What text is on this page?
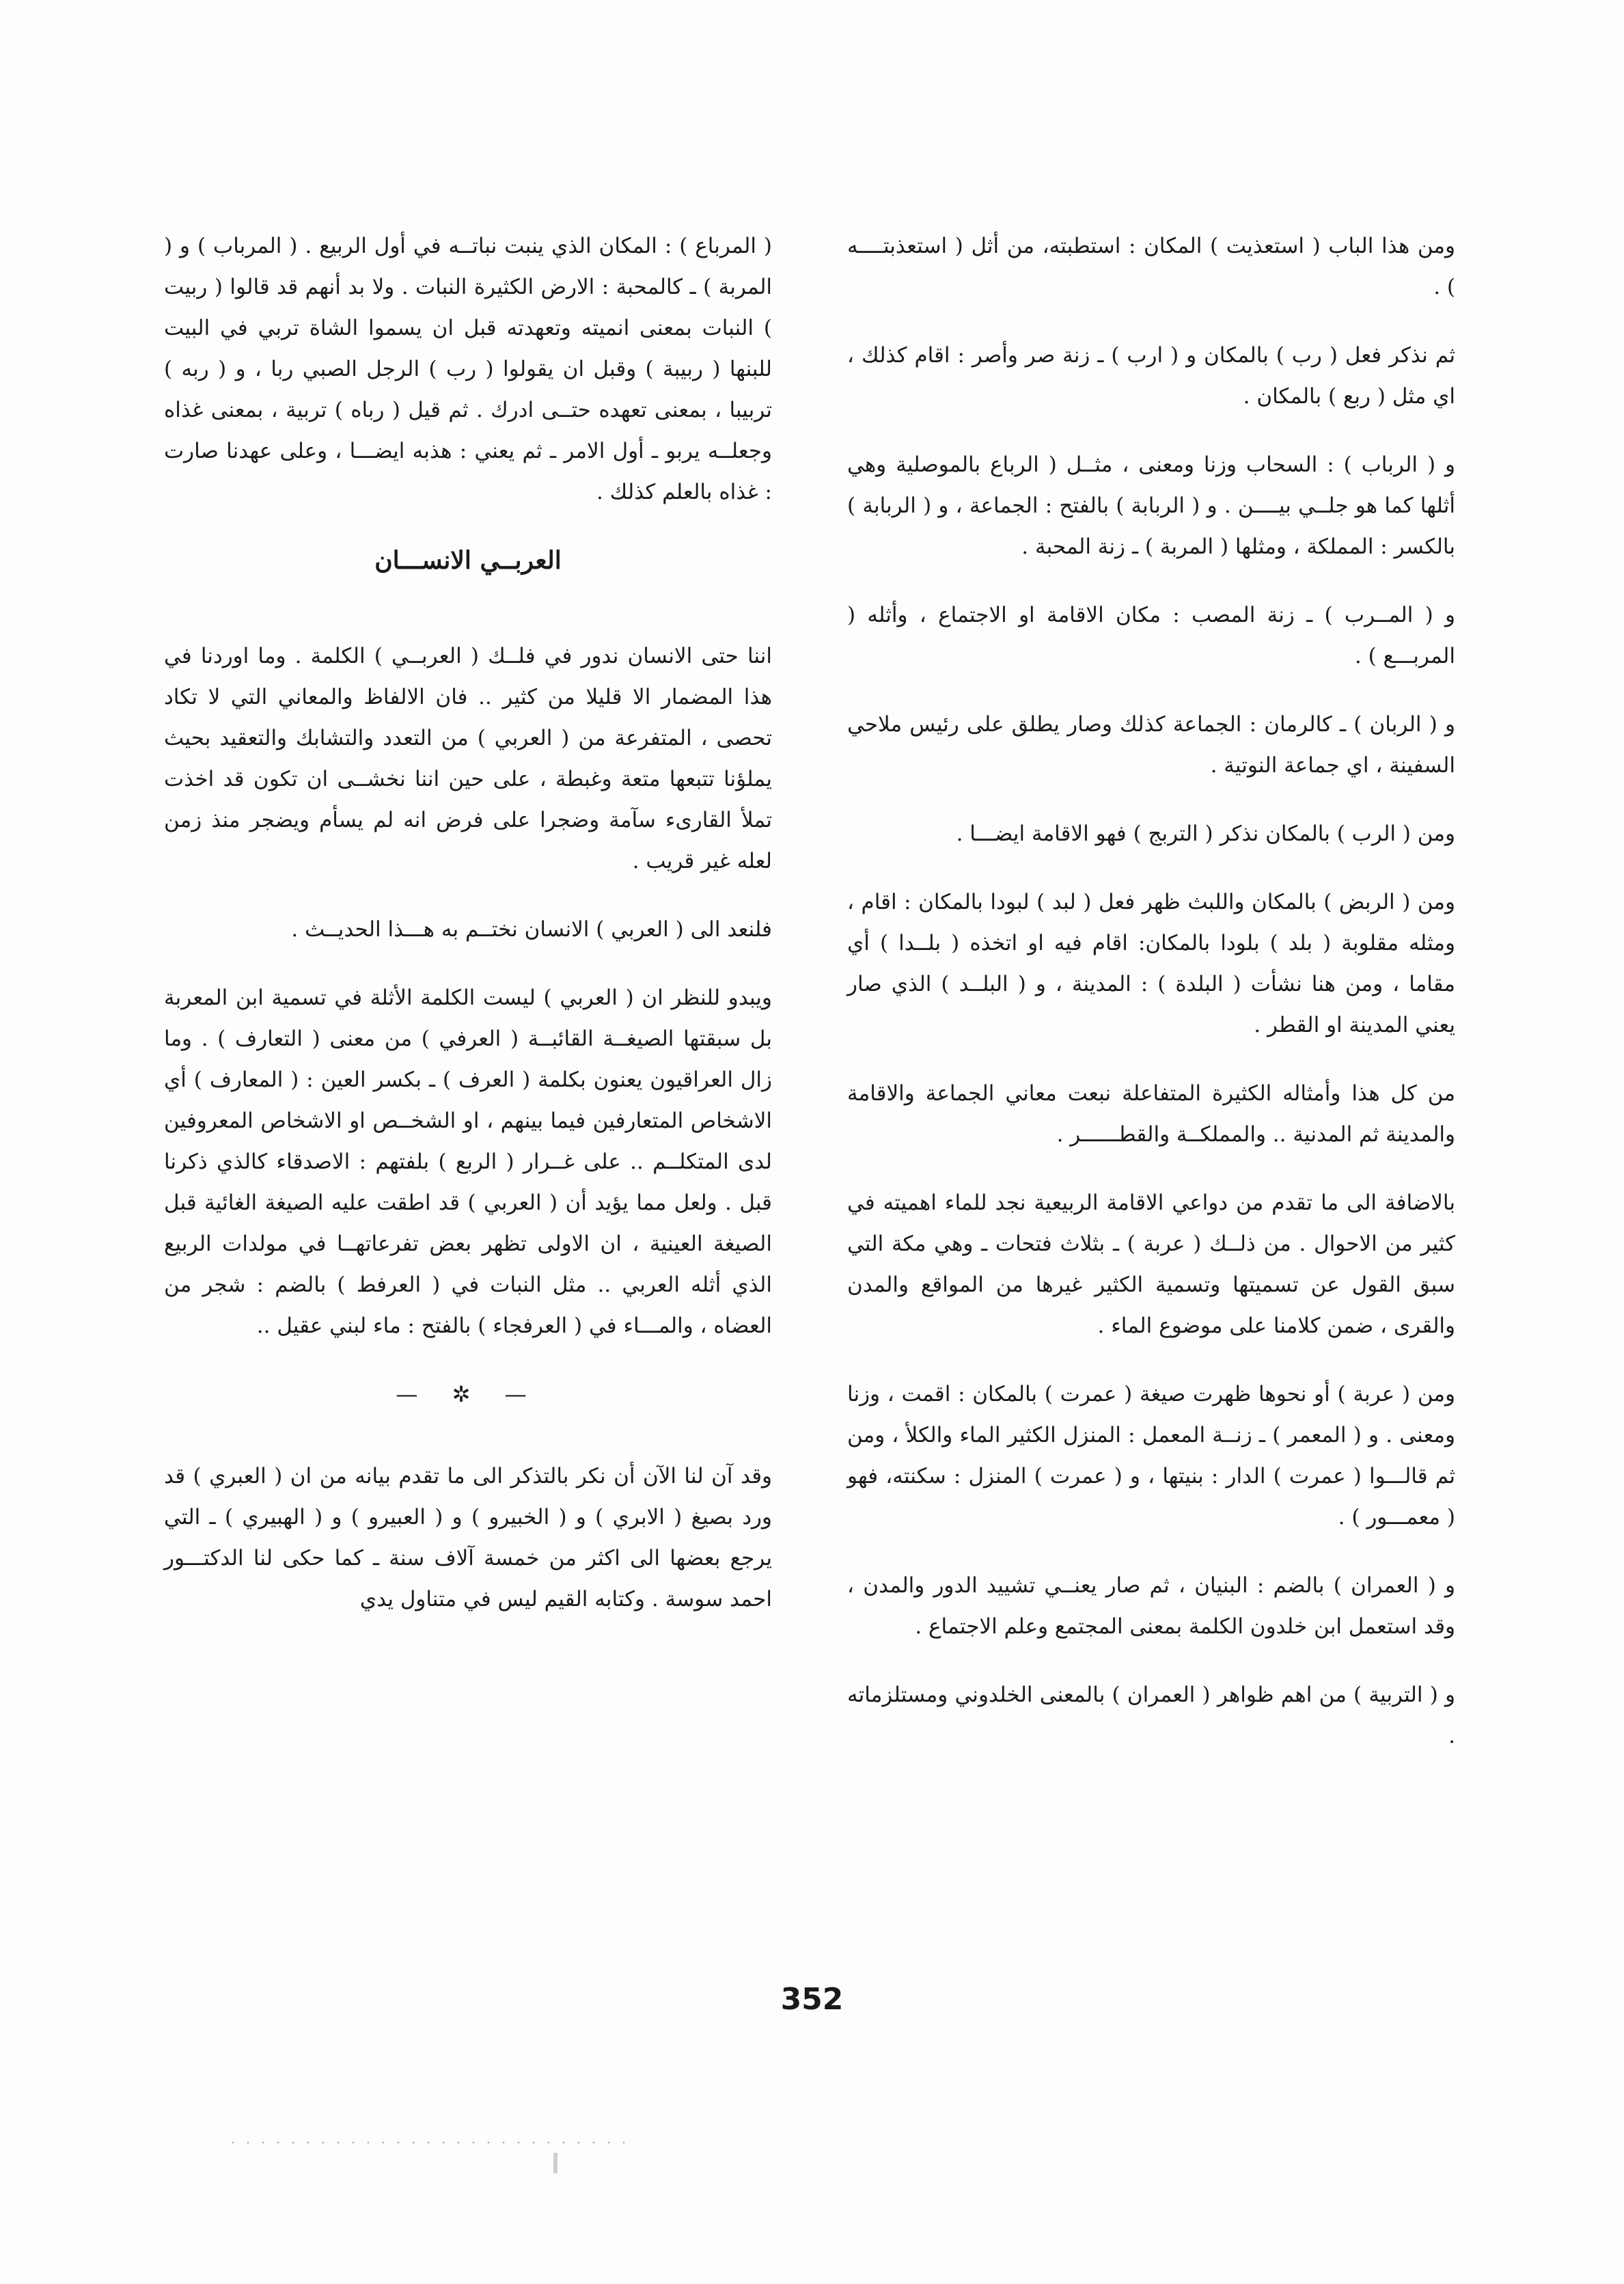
ومن هذا الباب ( استعذيت ) المكان : استطبته، من أثل ( استعذبتــــه ) .

ثم نذكر فعل ( رب ) بالمكان و ( ارب ) ـ زنة صر وأصر : اقام كذلك ، اي مثل ( ربع ) بالمكان .

و ( الرباب ) : السحاب وزنا ومعنى ، مثــل ( الرباع بالموصلية وهي أثلها كما هو جلــي بيــــن . و ( الربابة ) بالفتح : الجماعة ، و ( الربابة ) بالكسر : المملكة ، ومثلها ( المربة ) ـ زنة المحبة .

و ( المــرب ) ـ زنة المصب : مكان الاقامة او الاجتماع ، وأثله ( المربـــع ) .

و ( الربان ) ـ كالرمان : الجماعة كذلك وصار يطلق على رئيس ملاحي السفينة ، اي جماعة النوتية .

ومن ( الرب ) بالمكان نذكر ( التربج ) فهو الاقامة ايضـــا .

ومن ( الربض ) بالمكان واللبث ظهر فعل ( لبد ) لبودا بالمكان : اقام ، ومثله مقلوبة ( بلد ) بلودا بالمكان: اقام فيه او اتخذه ( بلــدا ) أي مقاما ، ومن هنا نشأت ( البلدة ) : المدينة ، و ( البلــد ) الذي صار يعني المدينة او القطر .

من كل هذا وأمثاله الكثيرة المتفاعلة نبعت معاني الجماعة والاقامة والمدينة ثم المدنية .. والمملكــة والقطــــــر .

بالاضافة الى ما تقدم من دواعي الاقامة الربيعية نجد للماء اهميته في كثير من الاحوال . من ذلــك ( عربة ) ـ بثلاث فتحات ـ وهي مكة التي سبق القول عن تسميتها وتسمية الكثير غيرها من المواقع والمدن والقرى ، ضمن كلامنا على موضوع الماء .

ومن ( عربة ) أو نحوها ظهرت صيغة ( عمرت ) بالمكان : اقمت ، وزنا ومعنى . و ( المعمر ) ـ زنــة المعمل : المنزل الكثير الماء والكلأ ، ومن ثم قالـــوا ( عمرت ) الدار : بنيتها ، و ( عمرت ) المنزل : سكنته، فهو ( معمـــور ) .

و ( العمران ) بالضم : البنيان ، ثم صار يعنــي تشييد الدور والمدن ، وقد استعمل ابن خلدون الكلمة بمعنى المجتمع وعلم الاجتماع .

و ( التربية ) من اهم ظواهر ( العمران ) بالمعنى الخلدوني ومستلزماته .

( المرباع ) : المكان الذي ينبت نباتــه في أول الربيع . ( المرباب ) و ( المربة ) ـ كالمحبة : الارض الكثيرة النبات . ولا بد أنهم قد قالوا ( ربيت ) النبات بمعنى انميته وتعهدته قبل ان يسموا الشاة تربي في البيت للبنها ( ربيبة ) وقبل ان يقولوا ( رب ) الرجل الصبي ربا ، و ( ربه ) تربيبا ، بمعنى تعهده حتــى ادرك . ثم قيل ( رباه ) تربية ، بمعنى غذاه وجعلــه يربو ـ أول الامر ـ ثم يعني : هذبه ايضـــا ، وعلى عهدنا صارت : غذاه بالعلم كذلك .

العربــي الانســـان

اننا حتى الانسان ندور في فلــك ( العربــي ) الكلمة . وما اوردنا في هذا المضمار الا قليلا من كثير .. فان الالفاظ والمعاني التي لا تكاد تحصى ، المتفرعة من ( العربي ) من التعدد والتشابك والتعقيد بحيث يملؤنا تتبعها متعة وغبطة ، على حين اننا نخشــى ان تكون قد اخذت تملأ القارىء سآمة وضجرا على فرض انه لم يسأم ويضجر منذ زمن لعله غير قريب .

فلنعد الى ( العربي ) الانسان نختــم به هـــذا الحديــث .

ويبدو للنظر ان ( العربي ) ليست الكلمة الأثلة في تسمية ابن المعربة بل سبقتها الصيغــة القائبــة ( العرفي ) من معنى ( التعارف ) . وما زال العراقيون يعنون بكلمة ( العرف ) ـ بكسر العين : ( المعارف ) أي الاشخاص المتعارفين فيما بينهم ، او الشخــص او الاشخاص المعروفين لدى المتكلــم .. على غــرار ( الربع ) بلفتهم : الاصدقاء كالذي ذكرنا قبل . ولعل مما يؤيد أن ( العربي ) قد اطقت عليه الصيغة الغائية قبل الصيغة العينية ، ان الاولى تظهر بعض تفرعاتهــا في مولدات الربيع الذي أثله العربي .. مثل النبات في ( العرفط ) بالضم : شجر من العضاه ، والمـــاء في ( العرفجاء ) بالفتح : ماء لبني عقيل ..

— ✲ —

وقد آن لنا الآن أن نكر بالتذكر الى ما تقدم بيانه من ان ( العبري ) قد ورد بصيغ ( الابري ) و ( الخبيرو ) و ( العبيرو ) و ( الهبيري ) ـ التي يرجع بعضها الى اكثر من خمسة آلاف سنة ـ كما حكى لنا الدكتـــور احمد سوسة . وكتابه القيم ليس في متناول يدي

352
